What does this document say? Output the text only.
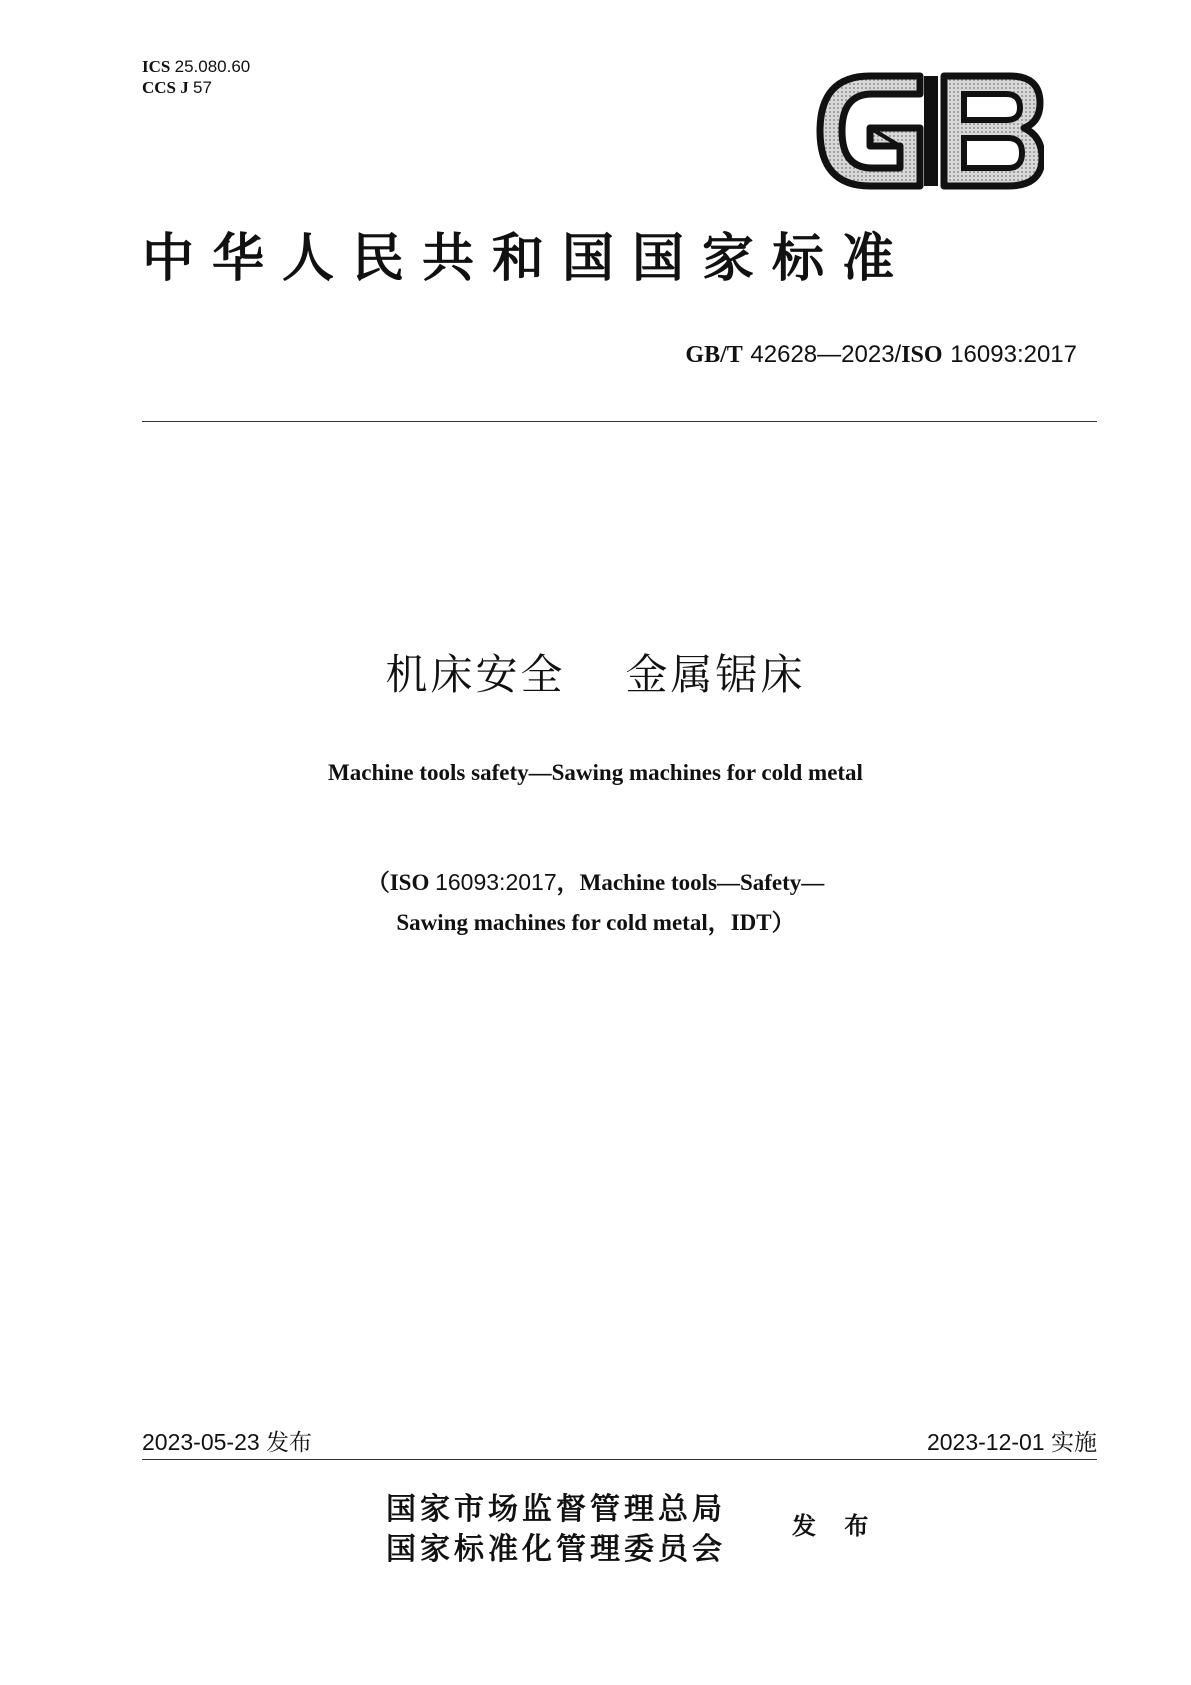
ICS 25.080.60
CCS J 57
中华人民共和国国家标准
GB/T 42628—2023/ISO 16093:2017
机床安全 金属锯床
Machine tools safety—Sawing machines for cold metal
（ISO 16093:2017，Machine tools—Safety—
Sawing machines for cold metal，IDT）
2023-05-23 发布	2023-12-01 实施
国家市场监督管理总局
国家标准化管理委员会
发 布
